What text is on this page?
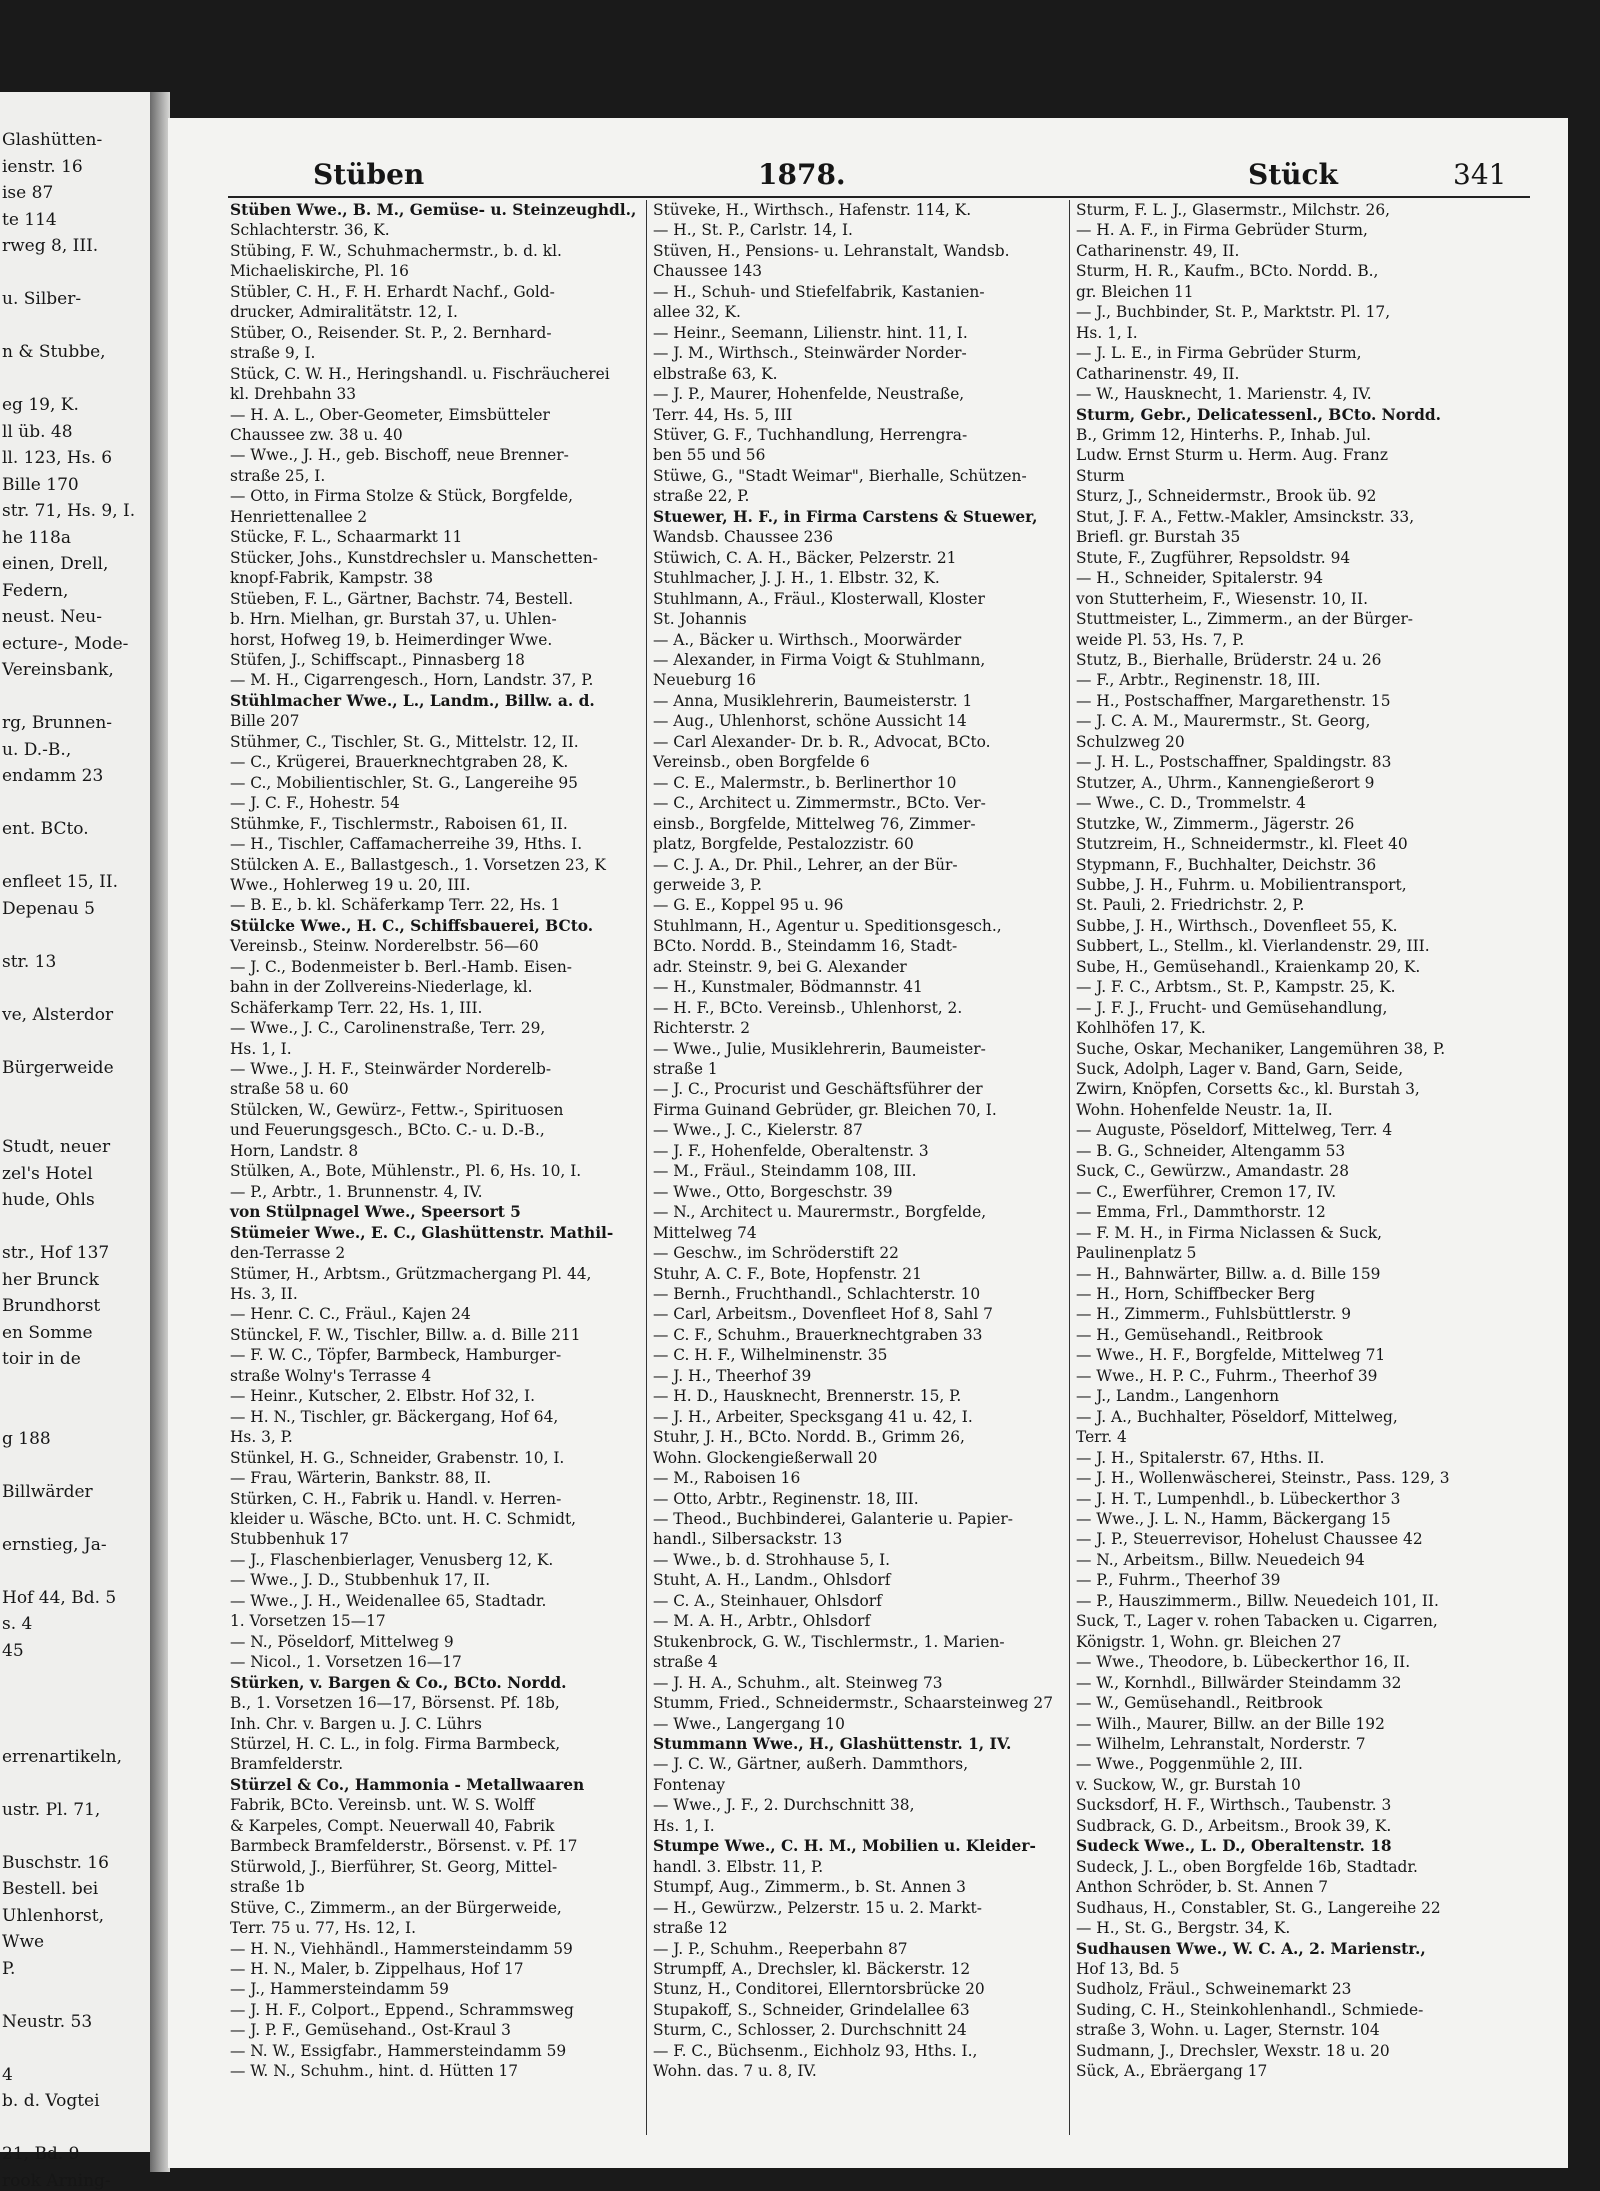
Glashütten-
ienstr. 16
ise 87
te 114
rweg 8, III.
u. Silber-
n & Stubbe,
eg 19, K.
ll üb. 48
ll. 123, Hs. 6
Bille 170
str. 71, Hs. 9, I.
he 118a
einen, Drell,
Federn,
neust. Neu-
ecture-, Mode-
Vereinsbank,
rg, Brunnen-
u. D.-B.,
endamm 23
ent. BCto.
enfleet 15, II.
Depenau 5
str. 13
ve, Alsterdor
Bürgerweide
Studt, neuer
zel's Hotel
hude, Ohls
str., Hof 137
her Brunck
Brundhorst
en Somme
toir in de
g 188
Billwärder
ernstieg, Ja-
Hof 44, Bd. 5
s. 4
45
errenartikeln,
ustr. Pl. 71,
Buschstr. 16
Bestell. bei
Uhlenhorst,
Wwe
P.
Neustr. 53
4
b. d. Vogtei
21, Bd. 9
rook Arning-
Stüben	1878.	Stück	341
Stüben Wwe., B. M., Gemüse- u. Steinzeughdl.,
Schlachterstr. 36, K.
Stübing, F. W., Schuhmachermstr., b. d. kl.
Michaeliskirche, Pl. 16
Stübler, C. H., F. H. Erhardt Nachf., Gold-
drucker, Admiralitätstr. 12, I.
Stüber, O., Reisender. St. P., 2. Bernhard-
straße 9, I.
Stück, C. W. H., Heringshandl. u. Fischräucherei
kl. Drehbahn 33
— H. A. L., Ober-Geometer, Eimsbütteler
Chaussee zw. 38 u. 40
— Wwe., J. H., geb. Bischoff, neue Brenner-
straße 25, I.
— Otto, in Firma Stolze & Stück, Borgfelde,
Henriettenallee 2
Stücke, F. L., Schaarmarkt 11
Stücker, Johs., Kunstdrechsler u. Manschetten-
knopf-Fabrik, Kampstr. 38
Stüeben, F. L., Gärtner, Bachstr. 74, Bestell.
b. Hrn. Mielhan, gr. Burstah 37, u. Uhlen-
horst, Hofweg 19, b. Heimerdinger Wwe.
Stüfen, J., Schiffscapt., Pinnasberg 18
— M. H., Cigarrengesch., Horn, Landstr. 37, P.
Stühlmacher Wwe., L., Landm., Billw. a. d.
Bille 207
Stühmer, C., Tischler, St. G., Mittelstr. 12, II.
— C., Krügerei, Brauerknechtgraben 28, K.
— C., Mobilientischler, St. G., Langereihe 95
— J. C. F., Hohestr. 54
Stühmke, F., Tischlermstr., Raboisen 61, II.
— H., Tischler, Caffamacherreihe 39, Hths. I.
Stülcken A. E., Ballastgesch., 1. Vorsetzen 23, K
Wwe., Hohlerweg 19 u. 20, III.
— B. E., b. kl. Schäferkamp Terr. 22, Hs. 1
Stülcke Wwe., H. C., Schiffsbauerei, BCto.
Vereinsb., Steinw. Norderelbstr. 56—60
— J. C., Bodenmeister b. Berl.-Hamb. Eisen-
bahn in der Zollvereins-Niederlage, kl.
Schäferkamp Terr. 22, Hs. 1, III.
— Wwe., J. C., Carolinenstraße, Terr. 29,
Hs. 1, I.
— Wwe., J. H. F., Steinwärder Norderelb-
straße 58 u. 60
Stülcken, W., Gewürz-, Fettw.-, Spirituosen
und Feuerungsgesch., BCto. C.- u. D.-B.,
Horn, Landstr. 8
Stülken, A., Bote, Mühlenstr., Pl. 6, Hs. 10, I.
— P., Arbtr., 1. Brunnenstr. 4, IV.
von Stülpnagel Wwe., Speersort 5
Stümeier Wwe., E. C., Glashüttenstr. Mathil-
den-Terrasse 2
Stümer, H., Arbtsm., Grützmachergang Pl. 44,
Hs. 3, II.
— Henr. C. C., Fräul., Kajen 24
Stünckel, F. W., Tischler, Billw. a. d. Bille 211
— F. W. C., Töpfer, Barmbeck, Hamburger-
straße Wolny's Terrasse 4
— Heinr., Kutscher, 2. Elbstr. Hof 32, I.
— H. N., Tischler, gr. Bäckergang, Hof 64,
Hs. 3, P.
Stünkel, H. G., Schneider, Grabenstr. 10, I.
— Frau, Wärterin, Bankstr. 88, II.
Stürken, C. H., Fabrik u. Handl. v. Herren-
kleider u. Wäsche, BCto. unt. H. C. Schmidt,
Stubbenhuk 17
— J., Flaschenbierlager, Venusberg 12, K.
— Wwe., J. D., Stubbenhuk 17, II.
— Wwe., J. H., Weidenallee 65, Stadtadr.
1. Vorsetzen 15—17
— N., Pöseldorf, Mittelweg 9
— Nicol., 1. Vorsetzen 16—17
Stürken, v. Bargen & Co., BCto. Nordd.
B., 1. Vorsetzen 16—17, Börsenst. Pf. 18b,
Inh. Chr. v. Bargen u. J. C. Lührs
Stürzel, H. C. L., in folg. Firma Barmbeck,
Bramfelderstr.
Stürzel & Co., Hammonia - Metallwaaren
Fabrik, BCto. Vereinsb. unt. W. S. Wolff
& Karpeles, Compt. Neuerwall 40, Fabrik
Barmbeck Bramfelderstr., Börsenst. v. Pf. 17
Stürwold, J., Bierführer, St. Georg, Mittel-
straße 1b
Stüve, C., Zimmerm., an der Bürgerweide,
Terr. 75 u. 77, Hs. 12, I.
— H. N., Viehhändl., Hammersteindamm 59
— H. N., Maler, b. Zippelhaus, Hof 17
— J., Hammersteindamm 59
— J. H. F., Colport., Eppend., Schrammsweg
— J. P. F., Gemüsehand., Ost-Kraul 3
— N. W., Essigfabr., Hammersteindamm 59
— W. N., Schuhm., hint. d. Hütten 17
Stüveke, H., Wirthsch., Hafenstr. 114, K.
— H., St. P., Carlstr. 14, I.
Stüven, H., Pensions- u. Lehranstalt, Wandsb.
Chaussee 143
— H., Schuh- und Stiefelfabrik, Kastanien-
allee 32, K.
— Heinr., Seemann, Lilienstr. hint. 11, I.
— J. M., Wirthsch., Steinwärder Norder-
elbstraße 63, K.
— J. P., Maurer, Hohenfelde, Neustraße,
Terr. 44, Hs. 5, III
Stüver, G. F., Tuchhandlung, Herrengra-
ben 55 und 56
Stüwe, G., "Stadt Weimar", Bierhalle, Schützen-
straße 22, P.
Stuewer, H. F., in Firma Carstens & Stuewer,
Wandsb. Chaussee 236
Stüwich, C. A. H., Bäcker, Pelzerstr. 21
Stuhlmacher, J. J. H., 1. Elbstr. 32, K.
Stuhlmann, A., Fräul., Klosterwall, Kloster
St. Johannis
— A., Bäcker u. Wirthsch., Moorwärder
— Alexander, in Firma Voigt & Stuhlmann,
Neueburg 16
— Anna, Musiklehrerin, Baumeisterstr. 1
— Aug., Uhlenhorst, schöne Aussicht 14
— Carl Alexander- Dr. b. R., Advocat, BCto.
Vereinsb., oben Borgfelde 6
— C. E., Malermstr., b. Berlinerthor 10
— C., Architect u. Zimmermstr., BCto. Ver-
einsb., Borgfelde, Mittelweg 76, Zimmer-
platz, Borgfelde, Pestalozzistr. 60
— C. J. A., Dr. Phil., Lehrer, an der Bür-
gerweide 3, P.
— G. E., Koppel 95 u. 96
Stuhlmann, H., Agentur u. Speditionsgesch.,
BCto. Nordd. B., Steindamm 16, Stadt-
adr. Steinstr. 9, bei G. Alexander
— H., Kunstmaler, Bödmannstr. 41
— H. F., BCto. Vereinsb., Uhlenhorst, 2.
Richterstr. 2
— Wwe., Julie, Musiklehrerin, Baumeister-
straße 1
— J. C., Procurist und Geschäftsführer der
Firma Guinand Gebrüder, gr. Bleichen 70, I.
— Wwe., J. C., Kielerstr. 87
— J. F., Hohenfelde, Oberaltenstr. 3
— M., Fräul., Steindamm 108, III.
— Wwe., Otto, Borgeschstr. 39
— N., Architect u. Maurermstr., Borgfelde,
Mittelweg 74
— Geschw., im Schröderstift 22
Stuhr, A. C. F., Bote, Hopfenstr. 21
— Bernh., Fruchthandl., Schlachterstr. 10
— Carl, Arbeitsm., Dovenfleet Hof 8, Sahl 7
— C. F., Schuhm., Brauerknechtgraben 33
— C. H. F., Wilhelminenstr. 35
— J. H., Theerhof 39
— H. D., Hausknecht, Brennerstr. 15, P.
— J. H., Arbeiter, Specksgang 41 u. 42, I.
Stuhr, J. H., BCto. Nordd. B., Grimm 26,
Wohn. Glockengießerwall 20
— M., Raboisen 16
— Otto, Arbtr., Reginenstr. 18, III.
— Theod., Buchbinderei, Galanterie u. Papier-
handl., Silbersackstr. 13
— Wwe., b. d. Strohhause 5, I.
Stuht, A. H., Landm., Ohlsdorf
— C. A., Steinhauer, Ohlsdorf
— M. A. H., Arbtr., Ohlsdorf
Stukenbrock, G. W., Tischlermstr., 1. Marien-
straße 4
— J. H. A., Schuhm., alt. Steinweg 73
Stumm, Fried., Schneidermstr., Schaarsteinweg 27
— Wwe., Langergang 10
Stummann Wwe., H., Glashüttenstr. 1, IV.
— J. C. W., Gärtner, außerh. Dammthors,
Fontenay
— Wwe., J. F., 2. Durchschnitt 38,
Hs. 1, I.
Stumpe Wwe., C. H. M., Mobilien u. Kleider-
handl. 3. Elbstr. 11, P.
Stumpf, Aug., Zimmerm., b. St. Annen 3
— H., Gewürzw., Pelzerstr. 15 u. 2. Markt-
straße 12
— J. P., Schuhm., Reeperbahn 87
Strumpff, A., Drechsler, kl. Bäckerstr. 12
Stunz, H., Conditorei, Ellerntorsbrücke 20
Stupakoff, S., Schneider, Grindelallee 63
Sturm, C., Schlosser, 2. Durchschnitt 24
— F. C., Büchsenm., Eichholz 93, Hths. I.,
Wohn. das. 7 u. 8, IV.
Sturm, F. L. J., Glasermstr., Milchstr. 26,
— H. A. F., in Firma Gebrüder Sturm,
Catharinenstr. 49, II.
Sturm, H. R., Kaufm., BCto. Nordd. B.,
gr. Bleichen 11
— J., Buchbinder, St. P., Marktstr. Pl. 17,
Hs. 1, I.
— J. L. E., in Firma Gebrüder Sturm,
Catharinenstr. 49, II.
— W., Hausknecht, 1. Marienstr. 4, IV.
Sturm, Gebr., Delicatessenl., BCto. Nordd.
B., Grimm 12, Hinterhs. P., Inhab. Jul.
Ludw. Ernst Sturm u. Herm. Aug. Franz
Sturm
Sturz, J., Schneidermstr., Brook üb. 92
Stut, J. F. A., Fettw.-Makler, Amsinckstr. 33,
Briefl. gr. Burstah 35
Stute, F., Zugführer, Repsoldstr. 94
— H., Schneider, Spitalerstr. 94
von Stutterheim, F., Wiesenstr. 10, II.
Stuttmeister, L., Zimmerm., an der Bürger-
weide Pl. 53, Hs. 7, P.
Stutz, B., Bierhalle, Brüderstr. 24 u. 26
— F., Arbtr., Reginenstr. 18, III.
— H., Postschaffner, Margarethenstr. 15
— J. C. A. M., Maurermstr., St. Georg,
Schulzweg 20
— J. H. L., Postschaffner, Spaldingstr. 83
Stutzer, A., Uhrm., Kannengießerort 9
— Wwe., C. D., Trommelstr. 4
Stutzke, W., Zimmerm., Jägerstr. 26
Stutzreim, H., Schneidermstr., kl. Fleet 40
Stypmann, F., Buchhalter, Deichstr. 36
Subbe, J. H., Fuhrm. u. Mobilientransport,
St. Pauli, 2. Friedrichstr. 2, P.
Subbe, J. H., Wirthsch., Dovenfleet 55, K.
Subbert, L., Stellm., kl. Vierlandenstr. 29, III.
Sube, H., Gemüsehandl., Kraienkamp 20, K.
— J. F. C., Arbtsm., St. P., Kampstr. 25, K.
— J. F. J., Frucht- und Gemüsehandlung,
Kohlhöfen 17, K.
Suche, Oskar, Mechaniker, Langemühren 38, P.
Suck, Adolph, Lager v. Band, Garn, Seide,
Zwirn, Knöpfen, Corsetts &c., kl. Burstah 3,
Wohn. Hohenfelde Neustr. 1a, II.
— Auguste, Pöseldorf, Mittelweg, Terr. 4
— B. G., Schneider, Altengamm 53
Suck, C., Gewürzw., Amandastr. 28
— C., Ewerführer, Cremon 17, IV.
— Emma, Frl., Dammthorstr. 12
— F. M. H., in Firma Niclassen & Suck,
Paulinenplatz 5
— H., Bahnwärter, Billw. a. d. Bille 159
— H., Horn, Schiffbecker Berg
— H., Zimmerm., Fuhlsbüttlerstr. 9
— H., Gemüsehandl., Reitbrook
— Wwe., H. F., Borgfelde, Mittelweg 71
— Wwe., H. P. C., Fuhrm., Theerhof 39
— J., Landm., Langenhorn
— J. A., Buchhalter, Pöseldorf, Mittelweg,
Terr. 4
— J. H., Spitalerstr. 67, Hths. II.
— J. H., Wollenwäscherei, Steinstr., Pass. 129, 3
— J. H. T., Lumpenhdl., b. Lübeckerthor 3
— Wwe., J. L. N., Hamm, Bäckergang 15
— J. P., Steuerrevisor, Hohelust Chaussee 42
— N., Arbeitsm., Billw. Neuedeich 94
— P., Fuhrm., Theerhof 39
— P., Hauszimmerm., Billw. Neuedeich 101, II.
Suck, T., Lager v. rohen Tabacken u. Cigarren,
Königstr. 1, Wohn. gr. Bleichen 27
— Wwe., Theodore, b. Lübeckerthor 16, II.
— W., Kornhdl., Billwärder Steindamm 32
— W., Gemüsehandl., Reitbrook
— Wilh., Maurer, Billw. an der Bille 192
— Wilhelm, Lehranstalt, Norderstr. 7
— Wwe., Poggenmühle 2, III.
v. Suckow, W., gr. Burstah 10
Sucksdorf, H. F., Wirthsch., Taubenstr. 3
Sudbrack, G. D., Arbeitsm., Brook 39, K.
Sudeck Wwe., L. D., Oberaltenstr. 18
Sudeck, J. L., oben Borgfelde 16b, Stadtadr.
Anthon Schröder, b. St. Annen 7
Sudhaus, H., Constabler, St. G., Langereihe 22
— H., St. G., Bergstr. 34, K.
Sudhausen Wwe., W. C. A., 2. Marienstr.,
Hof 13, Bd. 5
Sudholz, Fräul., Schweinemarkt 23
Suding, C. H., Steinkohlenhandl., Schmiede-
straße 3, Wohn. u. Lager, Sternstr. 104
Sudmann, J., Drechsler, Wexstr. 18 u. 20
Sück, A., Ebräergang 17
